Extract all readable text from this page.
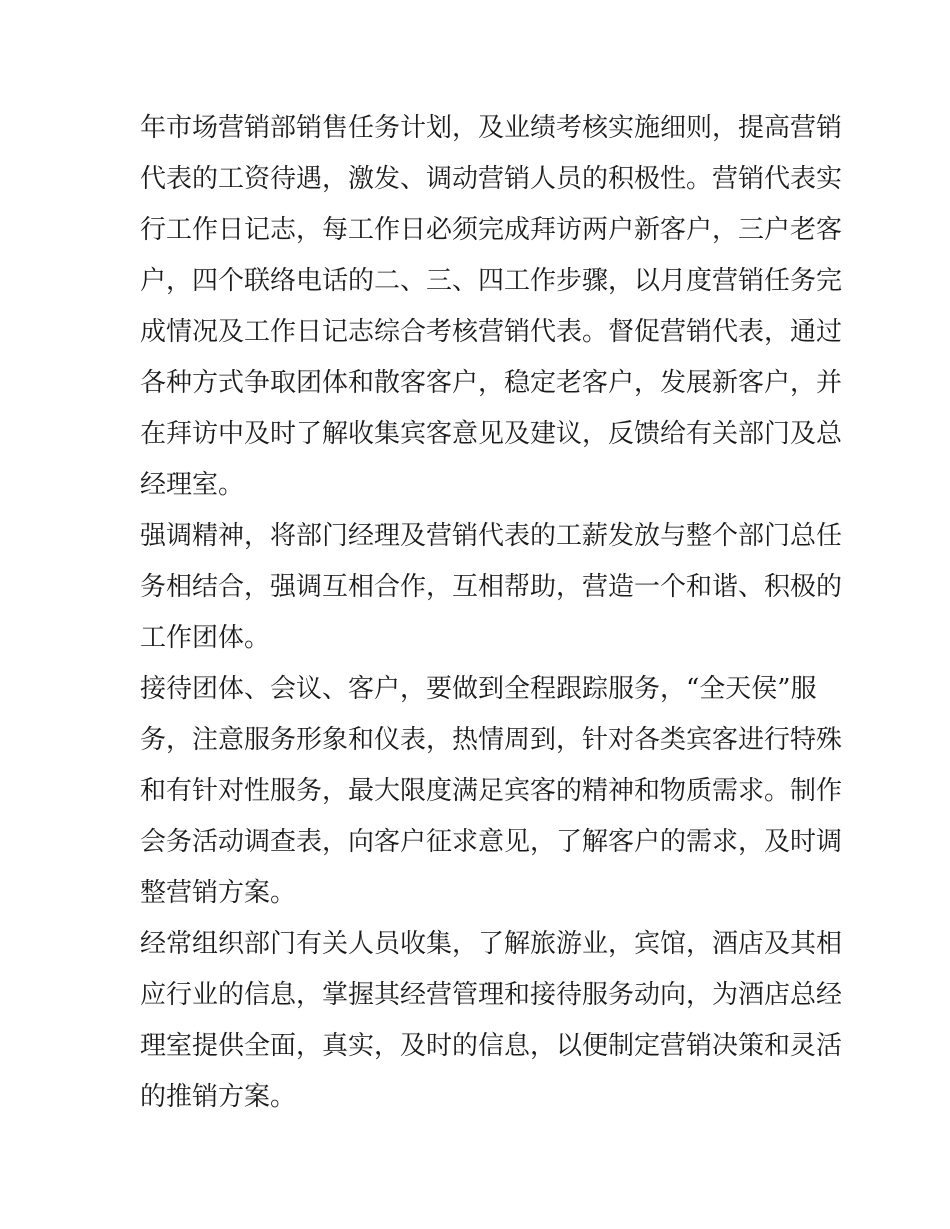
年市场营销部销售任务计划，及业绩考核实施细则，提高营销
代表的工资待遇，激发、调动营销人员的积极性。营销代表实
行工作日记志，每工作日必须完成拜访两户新客户，三户老客
户，四个联络电话的二、三、四工作步骤，以月度营销任务完
成情况及工作日记志综合考核营销代表。督促营销代表，通过
各种方式争取团体和散客客户，稳定老客户，发展新客户，并
在拜访中及时了解收集宾客意见及建议，反馈给有关部门及总
经理室。
强调精神，将部门经理及营销代表的工薪发放与整个部门总任
务相结合，强调互相合作，互相帮助，营造一个和谐、积极的
工作团体。
接待团体、会议、客户，要做到全程跟踪服务，“全天侯”服
务，注意服务形象和仪表，热情周到，针对各类宾客进行特殊
和有针对性服务，最大限度满足宾客的精神和物质需求。制作
会务活动调查表，向客户征求意见，了解客户的需求，及时调
整营销方案。
经常组织部门有关人员收集，了解旅游业，宾馆，酒店及其相
应行业的信息，掌握其经营管理和接待服务动向，为酒店总经
理室提供全面，真实，及时的信息，以便制定营销决策和灵活
的推销方案。
